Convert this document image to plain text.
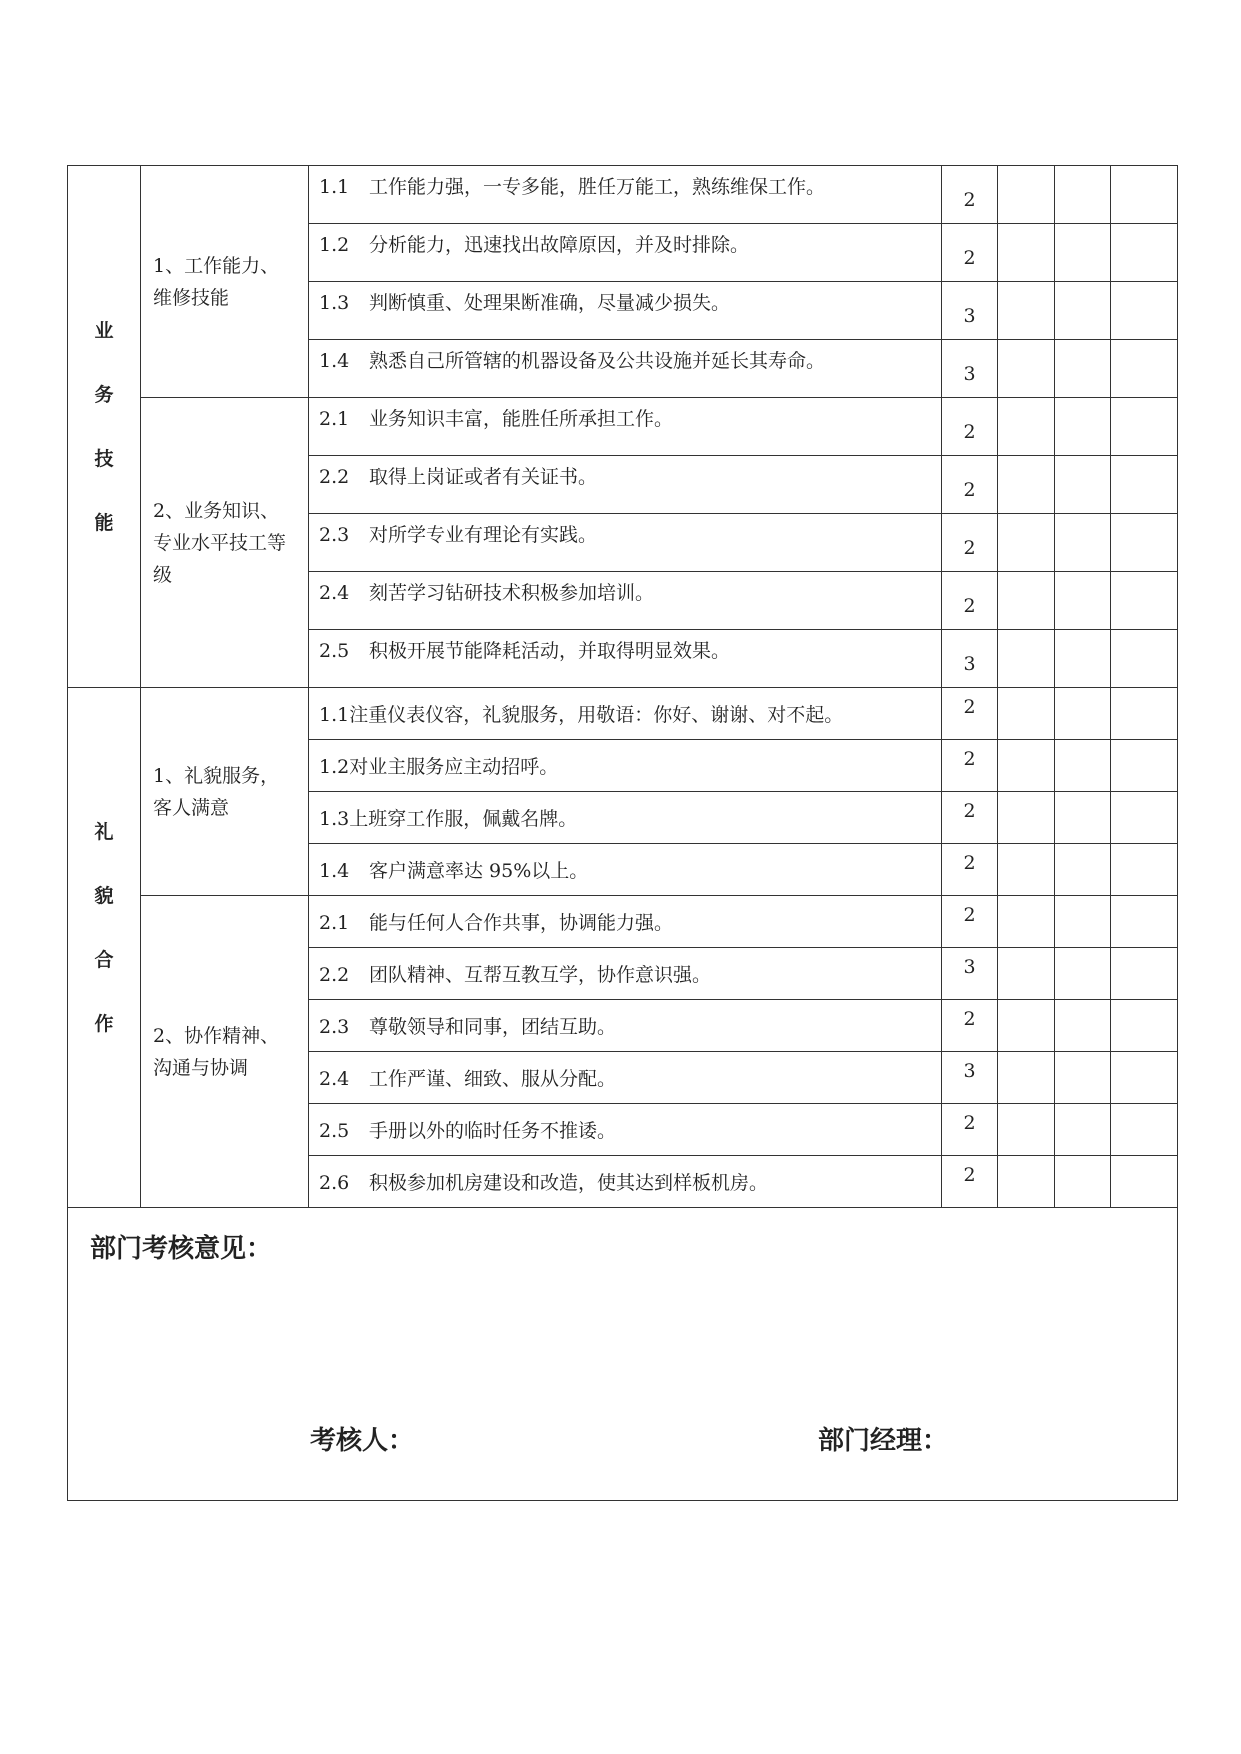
业
务
技
能	1、工作能力、维修技能	1.1 工作能力强，一专多能，胜任万能工，熟练维保工作。	2			
		1.2 分析能力，迅速找出故障原因，并及时排除。	2			
		1.3 判断慎重、处理果断准确，尽量减少损失。	3			
		1.4 熟悉自己所管辖的机器设备及公共设施并延长其寿命。	3			
	2、业务知识、专业水平技工等级	2.1 业务知识丰富，能胜任所承担工作。	2			
		2.2 取得上岗证或者有关证书。	2			
		2.3 对所学专业有理论有实践。	2			
		2.4 刻苦学习钻研技术积极参加培训。	2			
		2.5 积极开展节能降耗活动，并取得明显效果。	3			

礼
貌
合
作	1、礼貌服务，客人满意	1.1注重仪表仪容，礼貌服务，用敬语：你好、谢谢、对不起。	2			
		1.2对业主服务应主动招呼。	2			
		1.3上班穿工作服，佩戴名牌。	2			
		1.4 客户满意率达 95%以上。	2			
	2、协作精神、沟通与协调	2.1 能与任何人合作共事，协调能力强。	2			
		2.2 团队精神、互帮互教互学，协作意识强。	3			
		2.3 尊敬领导和同事，团结互助。	2			
		2.4 工作严谨、细致、服从分配。	3			
		2.5 手册以外的临时任务不推诿。	2			
		2.6 积极参加机房建设和改造，使其达到样板机房。	2			

部门考核意见：
考核人： 部门经理：						
